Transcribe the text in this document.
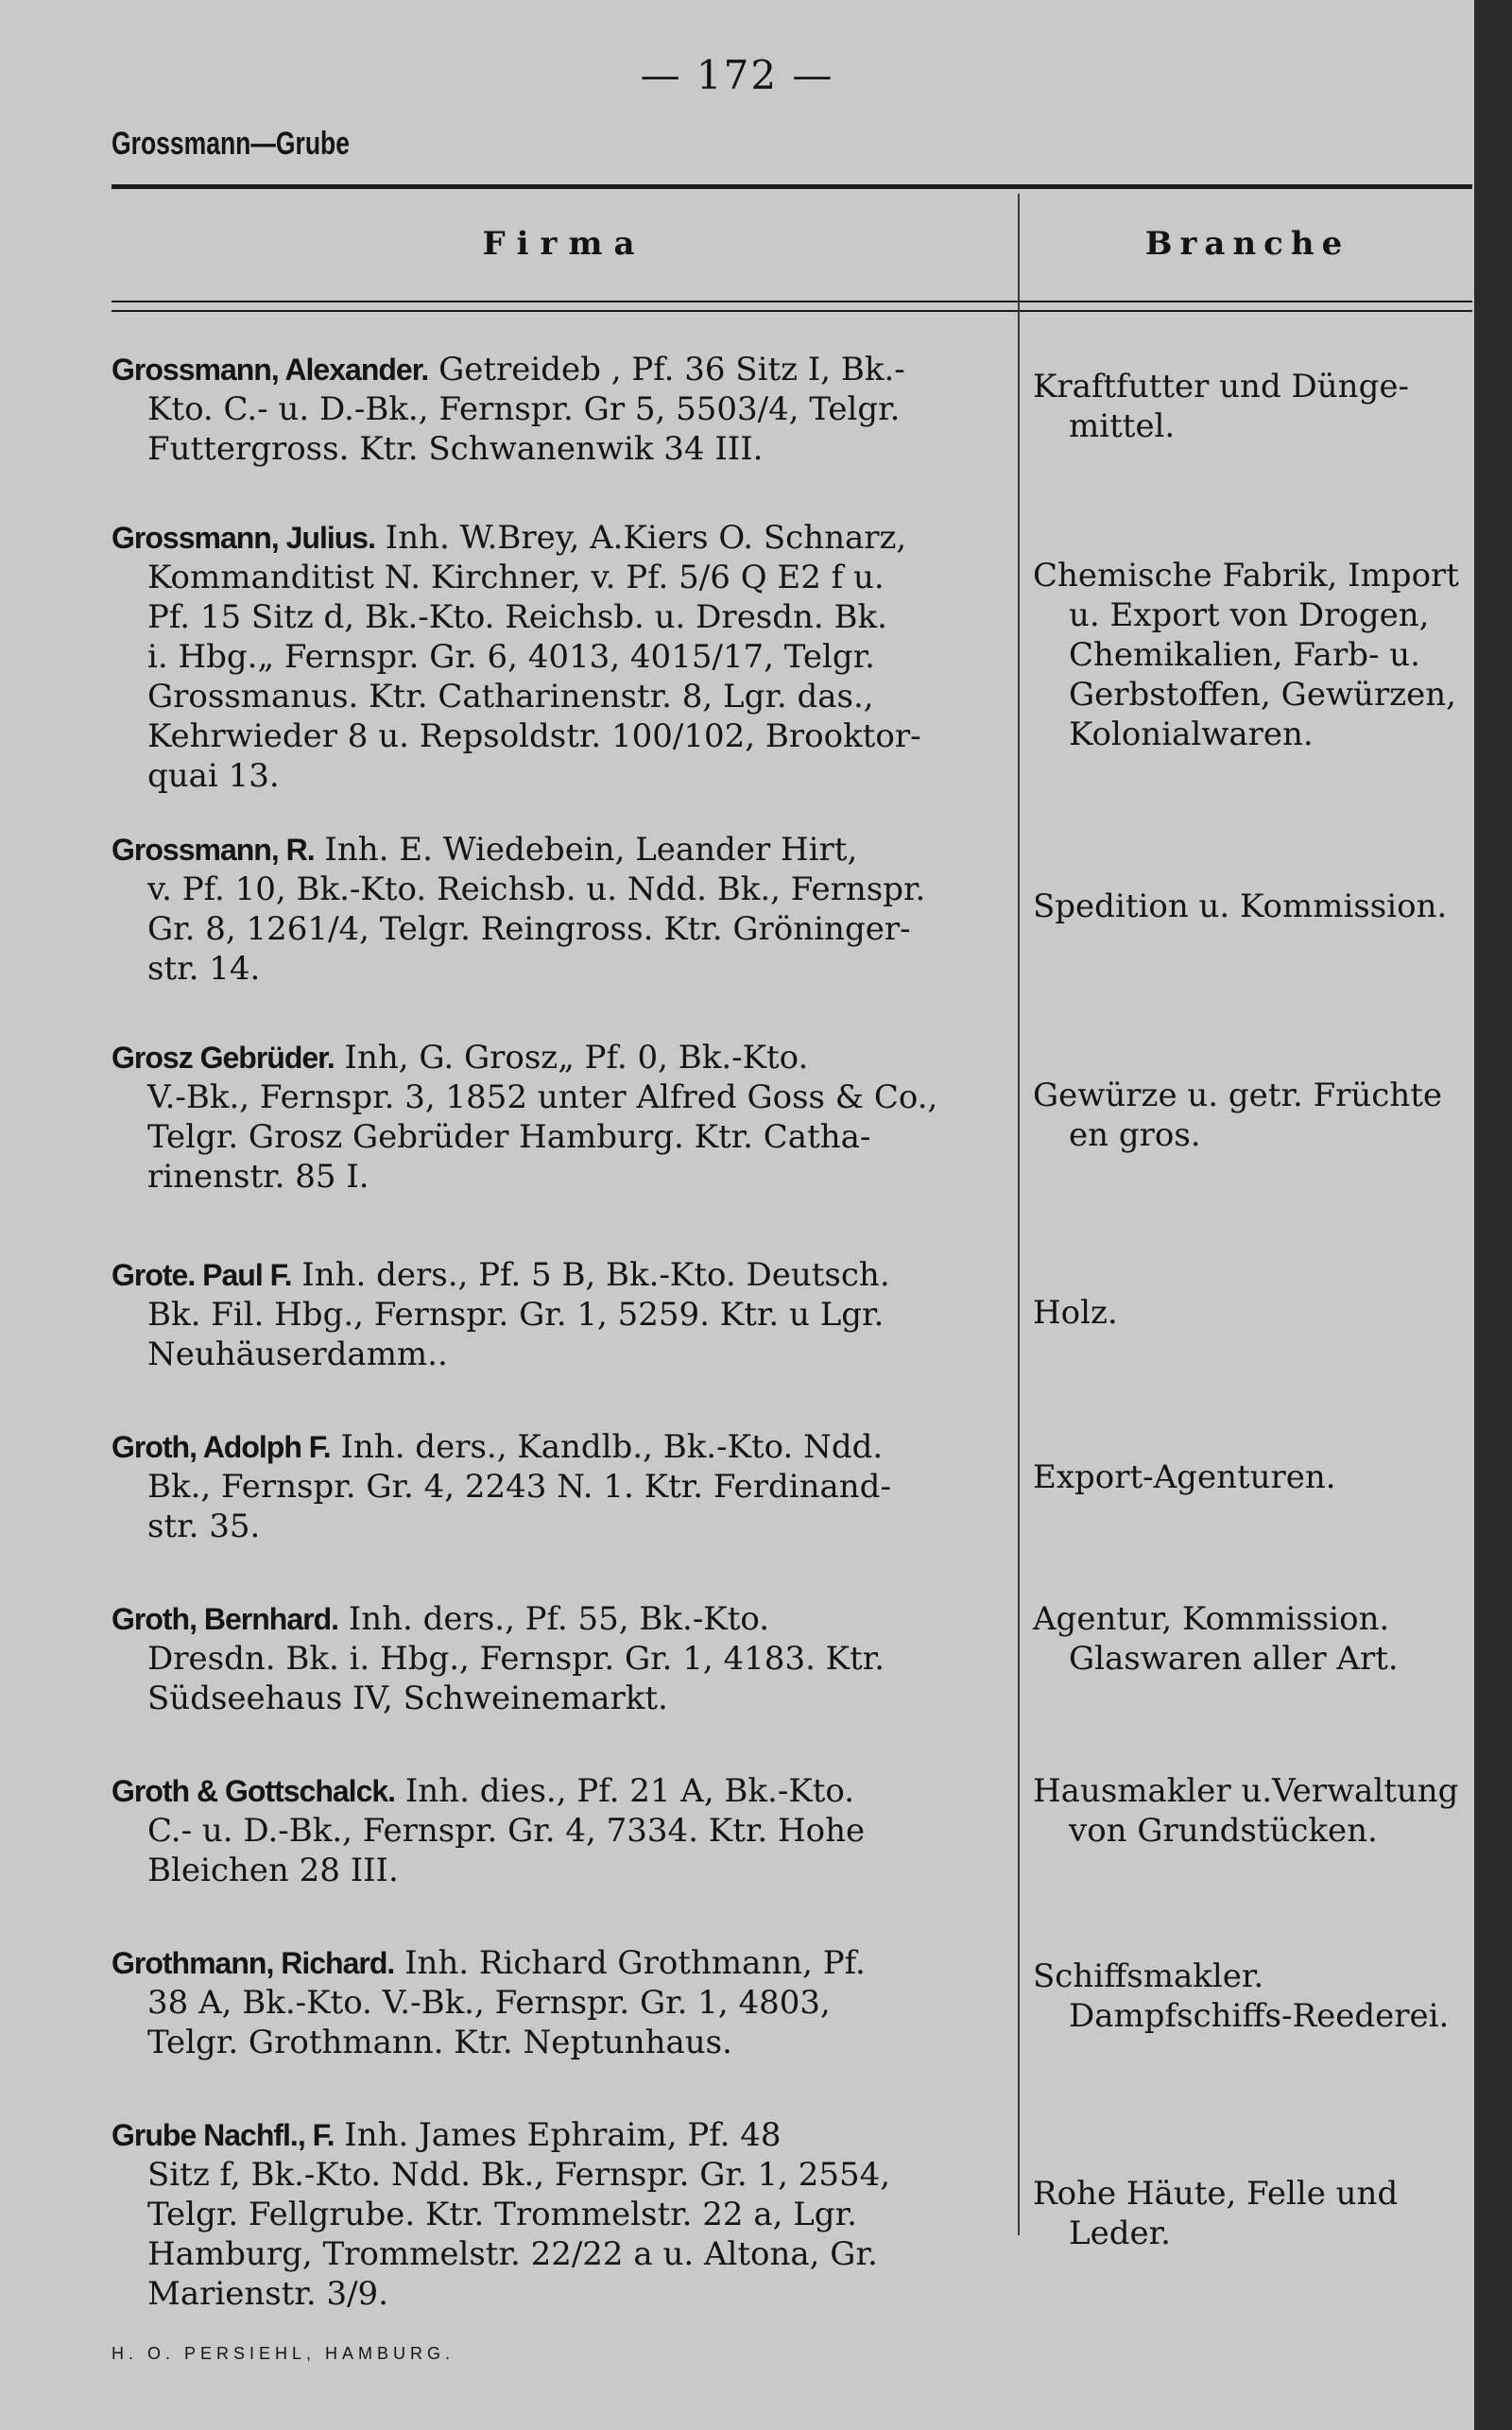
— 172 —
Grossmann—Grube
Firma	Branche
Grossmann, Alexander. Getreideb , Pf. 36 Sitz I, Bk.-
Kto. C.- u. D.-Bk., Fernspr. Gr 5, 5503/4, Telgr.
Futtergross. Ktr. Schwanenwik 34 III.
Kraftfutter und Dünge-
mittel.
Grossmann, Julius. Inh. W.Brey, A.Kiers O. Schnarz,
Kommanditist N. Kirchner, v. Pf. 5/6 Q E2 f u.
Pf. 15 Sitz d, Bk.-Kto. Reichsb. u. Dresdn. Bk.
i. Hbg.„ Fernspr. Gr. 6, 4013, 4015/17, Telgr.
Grossmanus. Ktr. Catharinenstr. 8, Lgr. das.,
Kehrwieder 8 u. Repsoldstr. 100/102, Brooktor-
quai 13.
Chemische Fabrik, Import
u. Export von Drogen,
Chemikalien, Farb- u.
Gerbstoffen, Gewürzen,
Kolonialwaren.
Grossmann, R. Inh. E. Wiedebein, Leander Hirt,
v. Pf. 10, Bk.-Kto. Reichsb. u. Ndd. Bk., Fernspr.
Gr. 8, 1261/4, Telgr. Reingross. Ktr. Gröninger-
str. 14.
Spedition u. Kommission.
Grosz Gebrüder. Inh, G. Grosz„ Pf. 0, Bk.-Kto.
V.-Bk., Fernspr. 3, 1852 unter Alfred Goss & Co.,
Telgr. Grosz Gebrüder Hamburg. Ktr. Catha-
rinenstr. 85 I.
Gewürze u. getr. Früchte
en gros.
Grote. Paul F. Inh. ders., Pf. 5 B, Bk.-Kto. Deutsch.
Bk. Fil. Hbg., Fernspr. Gr. 1, 5259. Ktr. u Lgr.
Neuhäuserdamm..
Holz.
Groth, Adolph F. Inh. ders., Kandlb., Bk.-Kto. Ndd.
Bk., Fernspr. Gr. 4, 2243 N. 1. Ktr. Ferdinand-
str. 35.
Export-Agenturen.
Groth, Bernhard. Inh. ders., Pf. 55, Bk.-Kto.
Dresdn. Bk. i. Hbg., Fernspr. Gr. 1, 4183. Ktr.
Südseehaus IV, Schweinemarkt.
Agentur, Kommission.
Glaswaren aller Art.
Groth & Gottschalck. Inh. dies., Pf. 21 A, Bk.-Kto.
C.- u. D.-Bk., Fernspr. Gr. 4, 7334. Ktr. Hohe
Bleichen 28 III.
Hausmakler u.Verwaltung
von Grundstücken.
Grothmann, Richard. Inh. Richard Grothmann, Pf.
38 A, Bk.-Kto. V.-Bk., Fernspr. Gr. 1, 4803,
Telgr. Grothmann. Ktr. Neptunhaus.
Schiffsmakler.
Dampfschiffs-Reederei.
Grube Nachfl., F. Inh. James Ephraim, Pf. 48
Sitz f, Bk.-Kto. Ndd. Bk., Fernspr. Gr. 1, 2554,
Telgr. Fellgrube. Ktr. Trommelstr. 22 a, Lgr.
Hamburg, Trommelstr. 22/22 a u. Altona, Gr.
Marienstr. 3/9.
Rohe Häute, Felle und
Leder.
H. O. PERSIEHL, HAMBURG.
